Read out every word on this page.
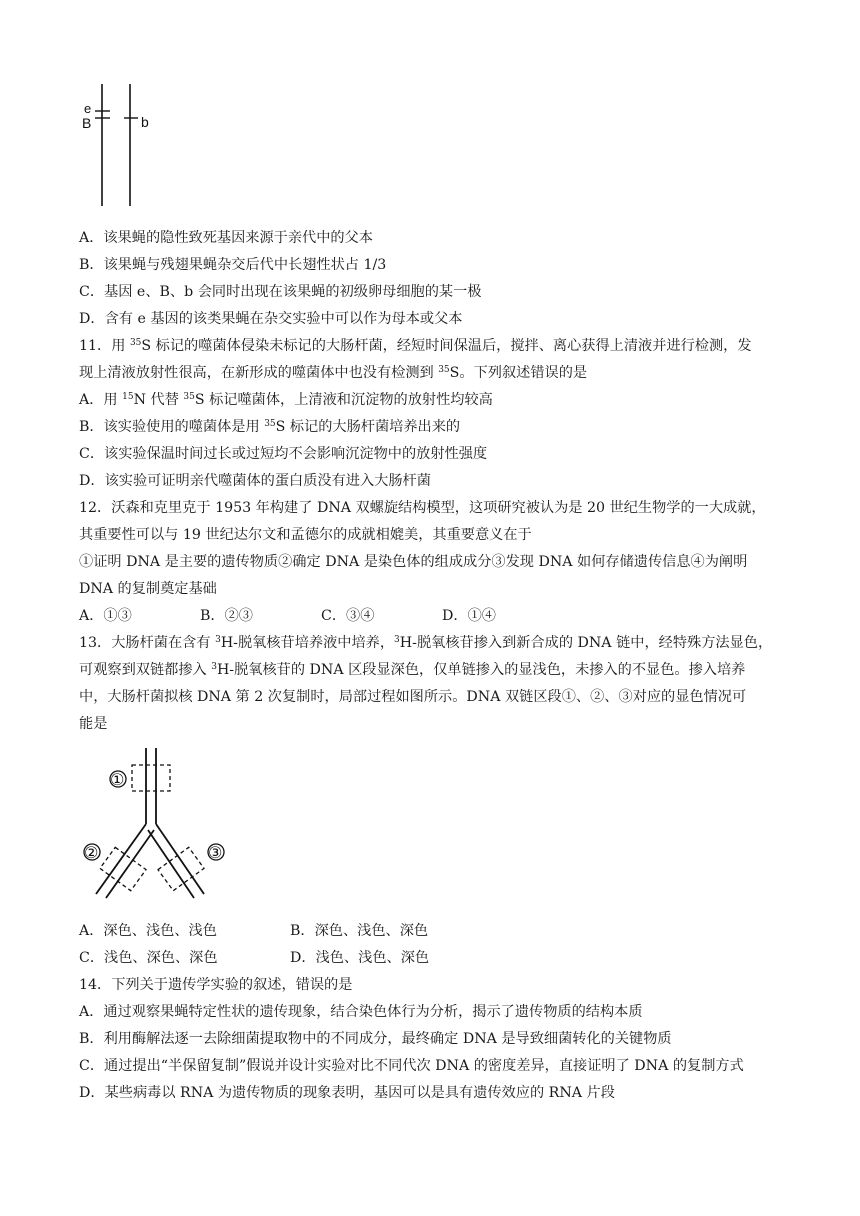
e
B	b
A．该果蝇的隐性致死基因来源于亲代中的父本
B．该果蝇与残翅果蝇杂交后代中长翅性状占 1/3
C．基因 e、B、b 会同时出现在该果蝇的初级卵母细胞的某一极
D．含有 e 基因的该类果蝇在杂交实验中可以作为母本或父本
11．用 $^{35}$S 标记的噬菌体侵染未标记的大肠杆菌，经短时间保温后，搅拌、离心获得上清液并进行检测，发
现上清液放射性很高，在新形成的噬菌体中也没有检测到 $^{35}$S。下列叙述错误的是
A．用 $^{15}$N 代替 $^{35}$S 标记噬菌体，上清液和沉淀物的放射性均较高
B．该实验使用的噬菌体是用 $^{35}$S 标记的大肠杆菌培养出来的
C．该实验保温时间过长或过短均不会影响沉淀物中的放射性强度
D．该实验可证明亲代噬菌体的蛋白质没有进入大肠杆菌
12．沃森和克里克于 1953 年构建了 DNA 双螺旋结构模型，这项研究被认为是 20 世纪生物学的一大成就，
其重要性可以与 19 世纪达尔文和孟德尔的成就相媲美，其重要意义在于
①证明 DNA 是主要的遗传物质②确定 DNA 是染色体的组成成分③发现 DNA 如何存储遗传信息④为阐明
DNA 的复制奠定基础
A．①③	B．②③	C．③④	D．①④
13．大肠杆菌在含有 $^3$H-脱氧核苷培养液中培养，$^3$H-脱氧核苷掺入到新合成的 DNA 链中，经特殊方法显色，
可观察到双链都掺入 $^3$H-脱氧核苷的 DNA 区段显深色，仅单链掺入的显浅色，未掺入的不显色。掺入培养
中，大肠杆菌拟核 DNA 第 2 次复制时，局部过程如图所示。DNA 双链区段①、②、③对应的显色情况可
能是
①
②	③
A．深色、浅色、浅色	B．深色、浅色、深色
C．浅色、深色、深色	D．浅色、浅色、深色
14．下列关于遗传学实验的叙述，错误的是
A．通过观察果蝇特定性状的遗传现象，结合染色体行为分析，揭示了遗传物质的结构本质
B．利用酶解法逐一去除细菌提取物中的不同成分，最终确定 DNA 是导致细菌转化的关键物质
C．通过提出“半保留复制”假说并设计实验对比不同代次 DNA 的密度差异，直接证明了 DNA 的复制方式
D．某些病毒以 RNA 为遗传物质的现象表明，基因可以是具有遗传效应的 RNA 片段
